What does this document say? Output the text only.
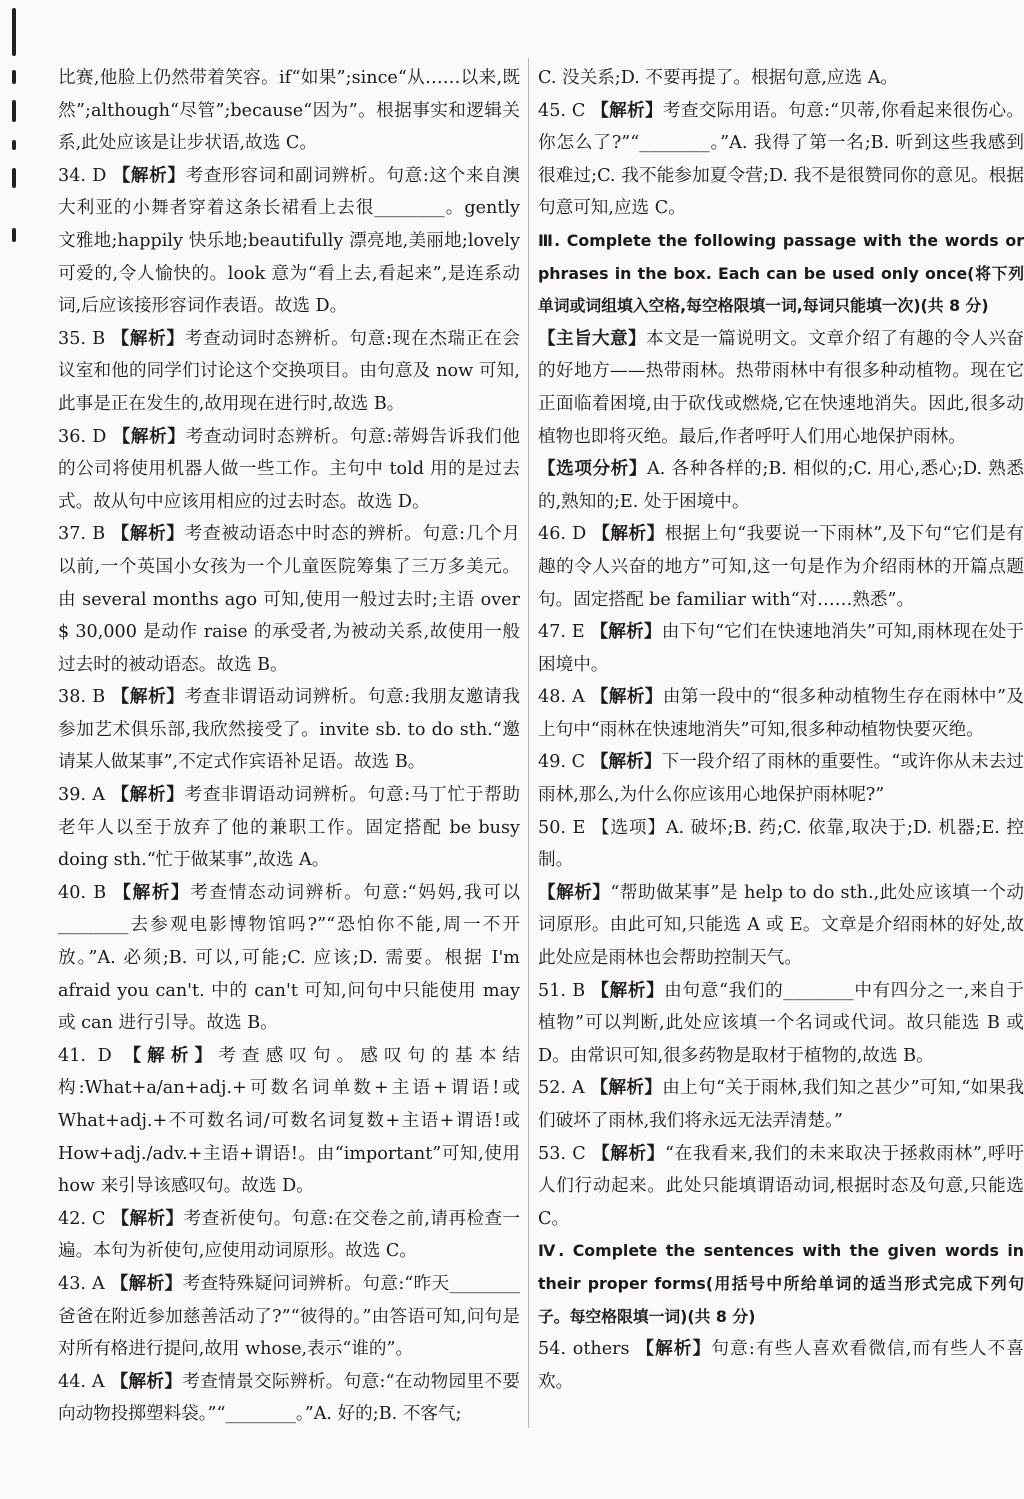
比赛,他脸上仍然带着笑容。if“如果”;since“从……以来,既然”;although“尽管”;because“因为”。根据事实和逻辑关系,此处应该是让步状语,故选 C。

34. D 【解析】考查形容词和副词辨析。句意:这个来自澳大利亚的小舞者穿着这条长裙看上去很________。gently 文雅地;happily 快乐地;beautifully 漂亮地,美丽地;lovely 可爱的,令人愉快的。look 意为“看上去,看起来”,是连系动词,后应该接形容词作表语。故选 D。

35. B 【解析】考查动词时态辨析。句意:现在杰瑞正在会议室和他的同学们讨论这个交换项目。由句意及 now 可知,此事是正在发生的,故用现在进行时,故选 B。

36. D 【解析】考查动词时态辨析。句意:蒂姆告诉我们他的公司将使用机器人做一些工作。主句中 told 用的是过去式。故从句中应该用相应的过去时态。故选 D。

37. B 【解析】考查被动语态中时态的辨析。句意:几个月以前,一个英国小女孩为一个儿童医院筹集了三万多美元。由 several months ago 可知,使用一般过去时;主语 over $ 30,000 是动作 raise 的承受者,为被动关系,故使用一般过去时的被动语态。故选 B。

38. B 【解析】考查非谓语动词辨析。句意:我朋友邀请我参加艺术俱乐部,我欣然接受了。invite sb. to do sth.“邀请某人做某事”,不定式作宾语补足语。故选 B。

39. A 【解析】考查非谓语动词辨析。句意:马丁忙于帮助老年人以至于放弃了他的兼职工作。固定搭配 be busy doing sth.“忙于做某事”,故选 A。

40. B 【解析】考查情态动词辨析。句意:“妈妈,我可以________去参观电影博物馆吗?”“恐怕你不能,周一不开放。”A. 必须;B. 可以,可能;C. 应该;D. 需要。根据 I'm afraid you can't. 中的 can't 可知,问句中只能使用 may 或 can 进行引导。故选 B。

41. D 【解析】考查感叹句。感叹句的基本结构:What+a/an+adj.+可数名词单数+主语+谓语!或 What+adj.+不可数名词/可数名词复数+主语+谓语!或 How+adj./adv.+主语+谓语!。由“important”可知,使用 how 来引导该感叹句。故选 D。

42. C 【解析】考查祈使句。句意:在交卷之前,请再检查一遍。本句为祈使句,应使用动词原形。故选 C。

43. A 【解析】考查特殊疑问词辨析。句意:“昨天________爸爸在附近参加慈善活动了?”“彼得的。”由答语可知,问句是对所有格进行提问,故用 whose,表示“谁的”。

44. A 【解析】考查情景交际辨析。句意:“在动物园里不要向动物投掷塑料袋。”“________。”A. 好的;B. 不客气;

C. 没关系;D. 不要再提了。根据句意,应选 A。

45. C 【解析】考查交际用语。句意:“贝蒂,你看起来很伤心。你怎么了?”“________。”A. 我得了第一名;B. 听到这些我感到很难过;C. 我不能参加夏令营;D. 我不是很赞同你的意见。根据句意可知,应选 C。

Ⅲ. Complete the following passage with the words or phrases in the box. Each can be used only once(将下列单词或词组填入空格,每空格限填一词,每词只能填一次)(共 8 分)

【主旨大意】本文是一篇说明文。文章介绍了有趣的令人兴奋的好地方——热带雨林。热带雨林中有很多种动植物。现在它正面临着困境,由于砍伐或燃烧,它在快速地消失。因此,很多动植物也即将灭绝。最后,作者呼吁人们用心地保护雨林。

【选项分析】A. 各种各样的;B. 相似的;C. 用心,悉心;D. 熟悉的,熟知的;E. 处于困境中。

46. D 【解析】根据上句“我要说一下雨林”,及下句“它们是有趣的令人兴奋的地方”可知,这一句是作为介绍雨林的开篇点题句。固定搭配 be familiar with“对……熟悉”。

47. E 【解析】由下句“它们在快速地消失”可知,雨林现在处于困境中。

48. A 【解析】由第一段中的“很多种动植物生存在雨林中”及上句中“雨林在快速地消失”可知,很多种动植物快要灭绝。

49. C 【解析】下一段介绍了雨林的重要性。“或许你从未去过雨林,那么,为什么你应该用心地保护雨林呢?”

50. E 【选项】A. 破坏;B. 药;C. 依靠,取决于;D. 机器;E. 控制。

【解析】“帮助做某事”是 help to do sth.,此处应该填一个动词原形。由此可知,只能选 A 或 E。文章是介绍雨林的好处,故此处应是雨林也会帮助控制天气。

51. B 【解析】由句意“我们的________中有四分之一,来自于植物”可以判断,此处应该填一个名词或代词。故只能选 B 或 D。由常识可知,很多药物是取材于植物的,故选 B。

52. A 【解析】由上句“关于雨林,我们知之甚少”可知,“如果我们破坏了雨林,我们将永远无法弄清楚。”

53. C 【解析】“在我看来,我们的未来取决于拯救雨林”,呼吁人们行动起来。此处只能填谓语动词,根据时态及句意,只能选 C。

Ⅳ. Complete the sentences with the given words in their proper forms(用括号中所给单词的适当形式完成下列句子。每空格限填一词)(共 8 分)

54. others 【解析】句意:有些人喜欢看微信,而有些人不喜欢。
